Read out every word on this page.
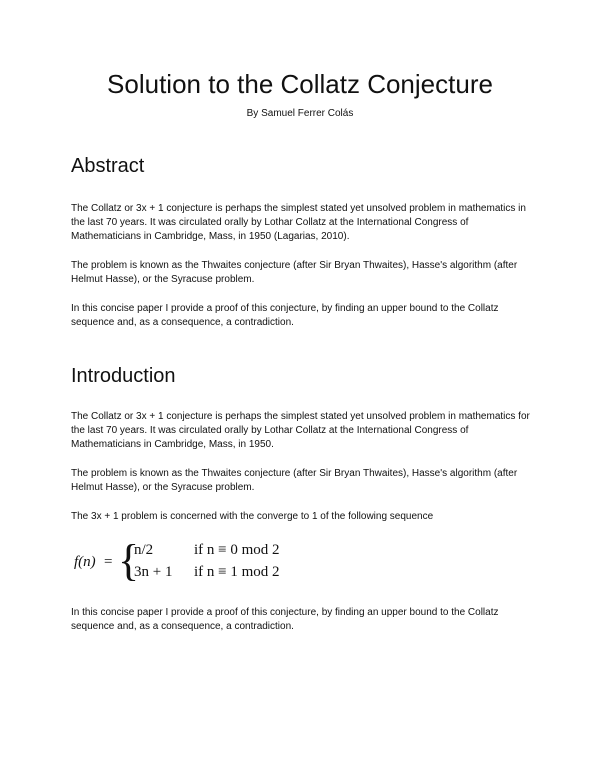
Solution to the Collatz Conjecture

By Samuel Ferrer Colás

Abstract

The Collatz or 3x + 1 conjecture is perhaps the simplest stated yet unsolved problem in mathematics in the last 70 years. It was circulated orally by Lothar Collatz at the International Congress of Mathematicians in Cambridge, Mass, in 1950 (Lagarias, 2010).

The problem is known as the Thwaites conjecture (after Sir Bryan Thwaites), Hasse's algorithm (after Helmut Hasse), or the Syracuse problem.

In this concise paper I provide a proof of this conjecture, by finding an upper bound to the Collatz sequence and, as a consequence, a contradiction.

Introduction

The Collatz or 3x + 1 conjecture is perhaps the simplest stated yet unsolved problem in mathematics for the last 70 years. It was circulated orally by Lothar Collatz at the International Congress of Mathematicians in Cambridge, Mass, in 1950.

The problem is known as the Thwaites conjecture (after Sir Bryan Thwaites), Hasse's algorithm (after Helmut Hasse), or the Syracuse problem.

The 3x + 1 problem is concerned with the converge to 1 of the following sequence

f(n) = {
n/2	if n ≡ 0 mod 2
3n + 1 if n ≡ 1 mod 2

In this concise paper I provide a proof of this conjecture, by finding an upper bound to the Collatz sequence and, as a consequence, a contradiction.
